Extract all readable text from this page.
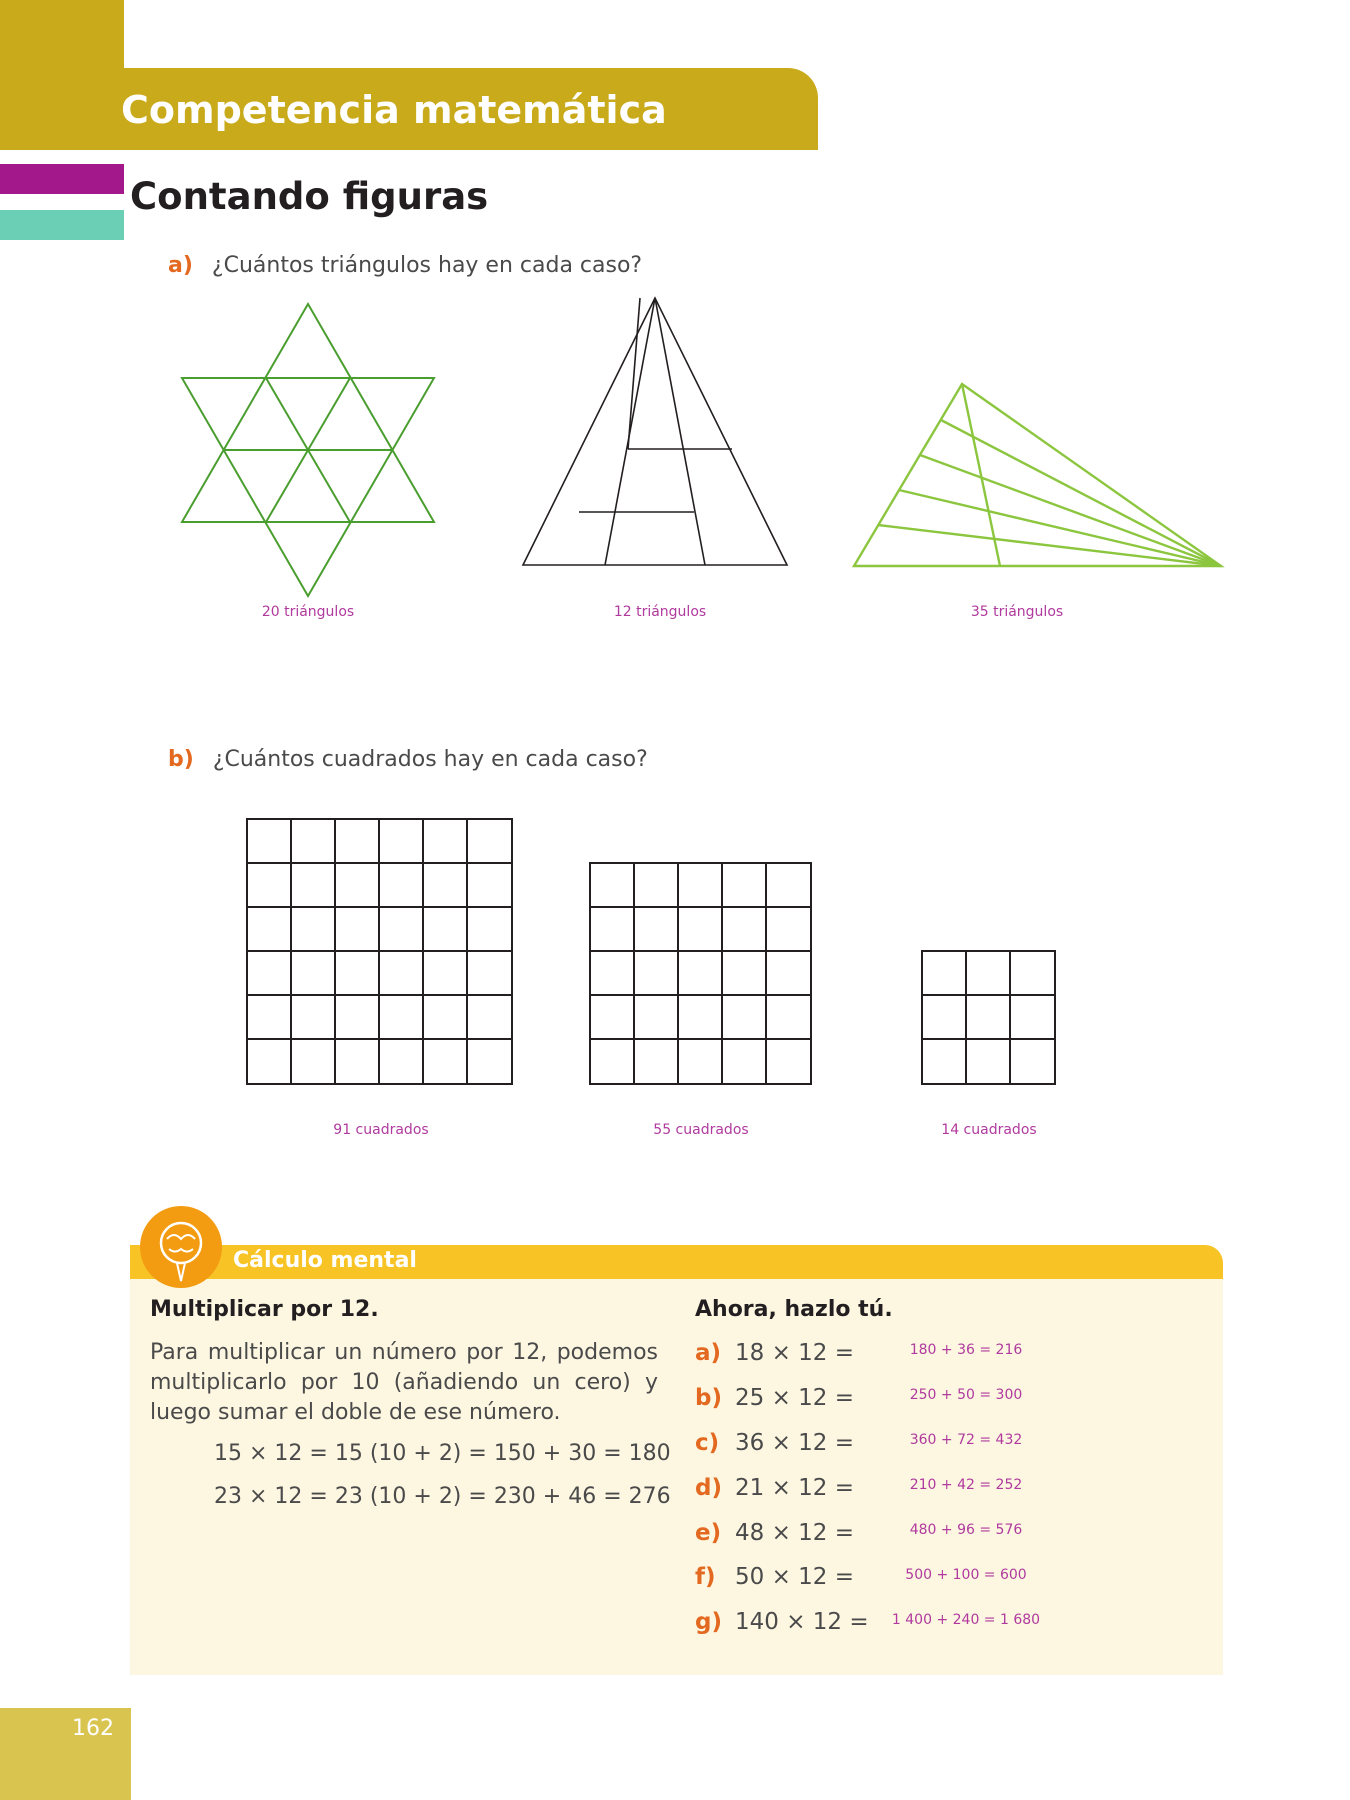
Competencia matemática
Contando figuras
a) ¿Cuántos triángulos hay en cada caso?
20 triángulos	12 triángulos	35 triángulos
b) ¿Cuántos cuadrados hay en cada caso?
91 cuadrados	55 cuadrados	14 cuadrados
Cálculo mental
Multiplicar por 12.
Para multiplicar un número por 12, podemos multiplicarlo por 10 (añadiendo un cero) y luego sumar el doble de ese número.
15 × 12 = 15 (10 + 2) = 150 + 30 = 180
23 × 12 = 23 (10 + 2) = 230 + 46 = 276
Ahora, hazlo tú.
a) 18 × 12 =	180 + 36 = 216
b) 25 × 12 =	250 + 50 = 300
c) 36 × 12 =	360 + 72 = 432
d) 21 × 12 =	210 + 42 = 252
e) 48 × 12 =	480 + 96 = 576
f) 50 × 12 =	500 + 100 = 600
g) 140 × 12 =	1 400 + 240 = 1 680
162
